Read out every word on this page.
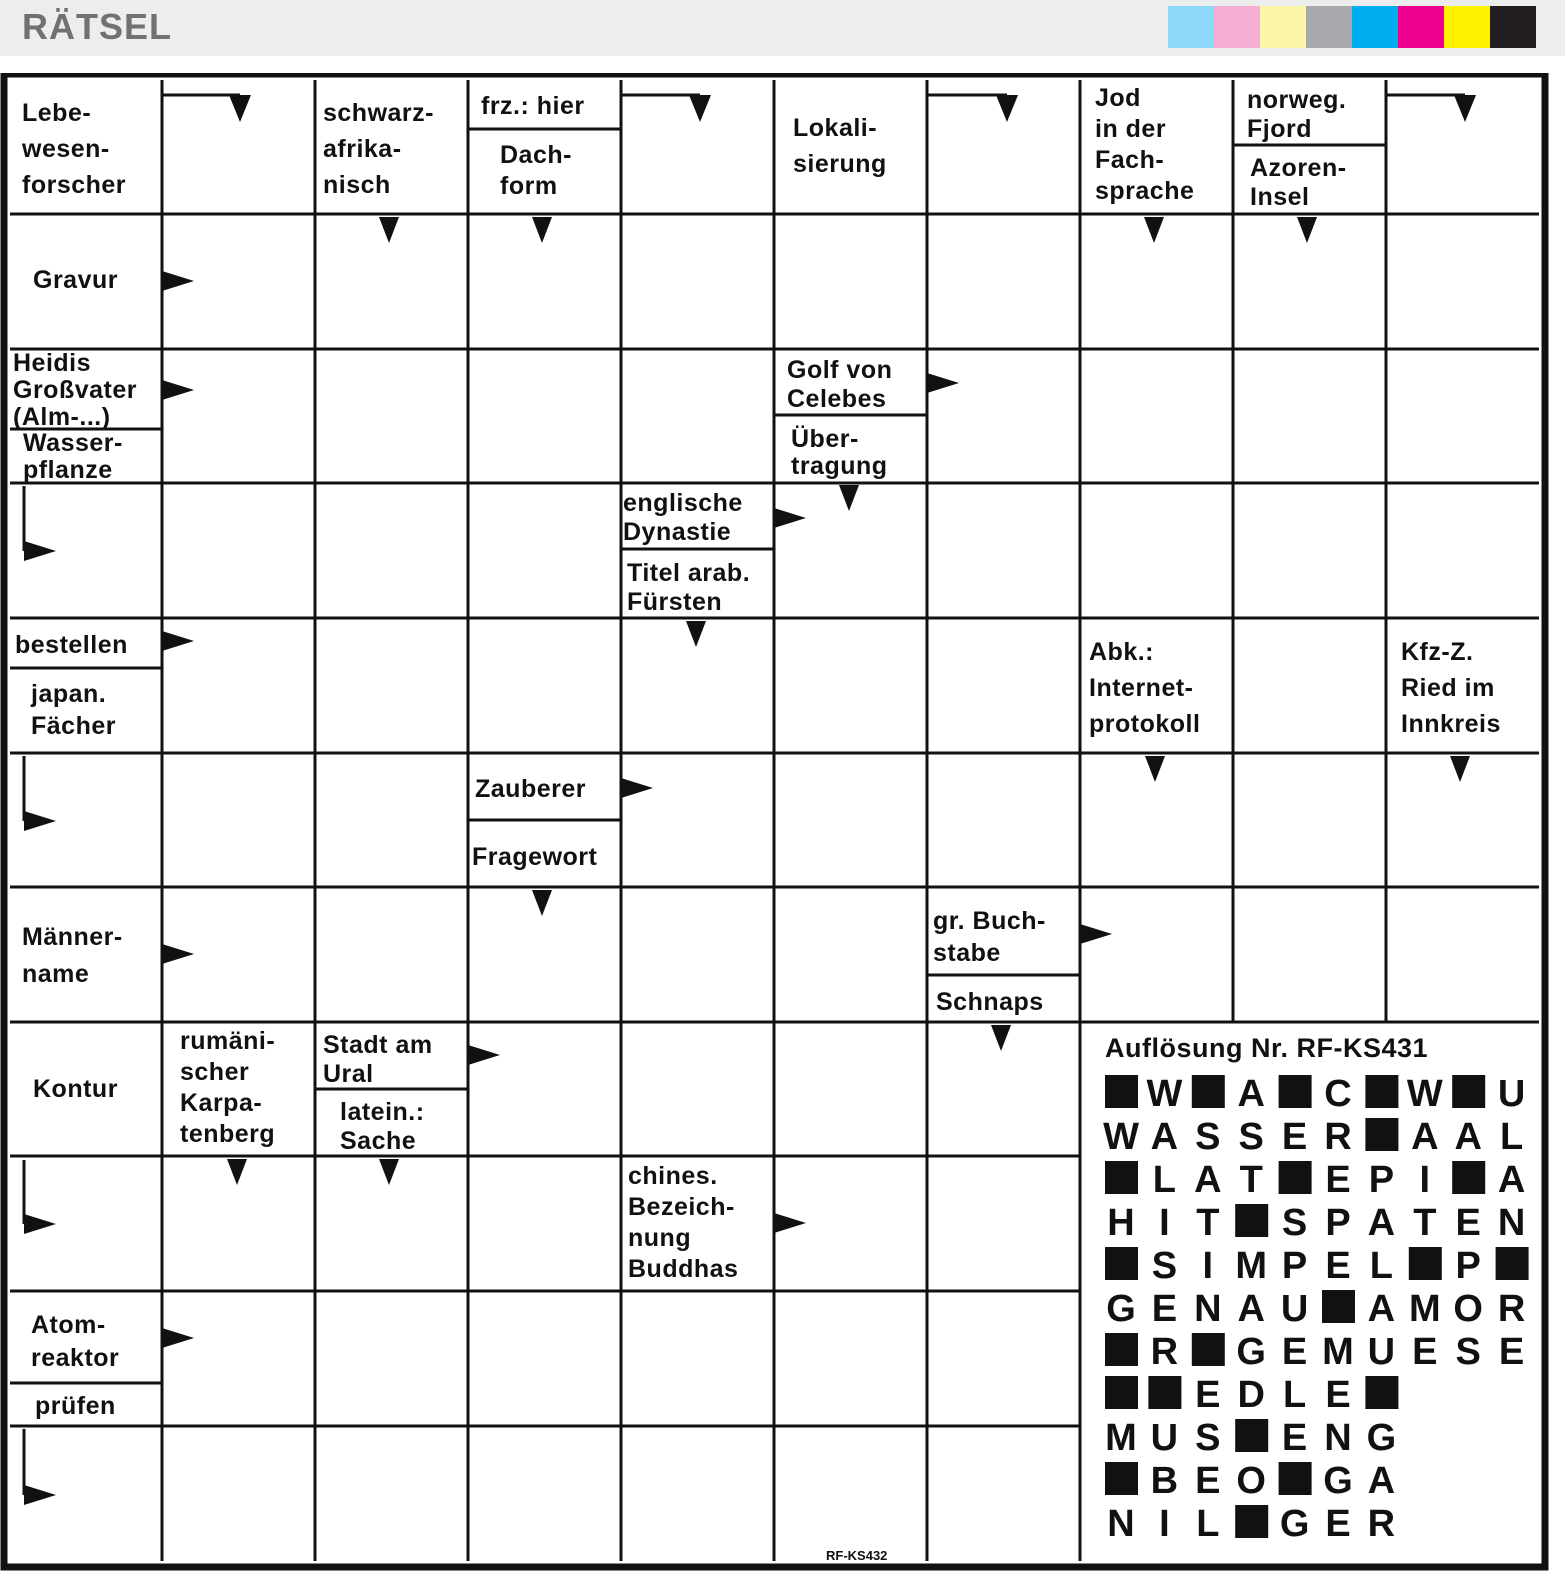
RÄTSEL
Lebe-wesen-forscher
schwarz-afrika-nisch
frz.: hier
Dach-form
Lokali-sierung
Jod in der Fach-sprache
norweg. Fjord
Azoren-Insel
Gravur
Heidis Großvater (Alm-...)
Wasser-pflanze
Golf von Celebes
Über-tragung
englische Dynastie
Titel arab. Fürsten
bestellen
japan. Fächer
Abk.: Internet-protokoll
Kfz-Z. Ried im Innkreis
Zauberer
Fragewort
Männer-name
gr. Buch-stabe
Schnaps
Kontur
rumäni-scher Karpa-tenberg
Stadt am Ural
latein.: Sache
chines. Bezeich-nung Buddhas
Atom-reaktor
prüfen
Auflösung Nr. RF-KS431
W A C W U
W A S S E R A A L
L A T E P I A
H I T S P A T E N
S I M P E L P
G E N A U A M O R
R G E M U E S E
E D L E
M U S E N G
B E O G A
N I L G E R
RF-KS432
